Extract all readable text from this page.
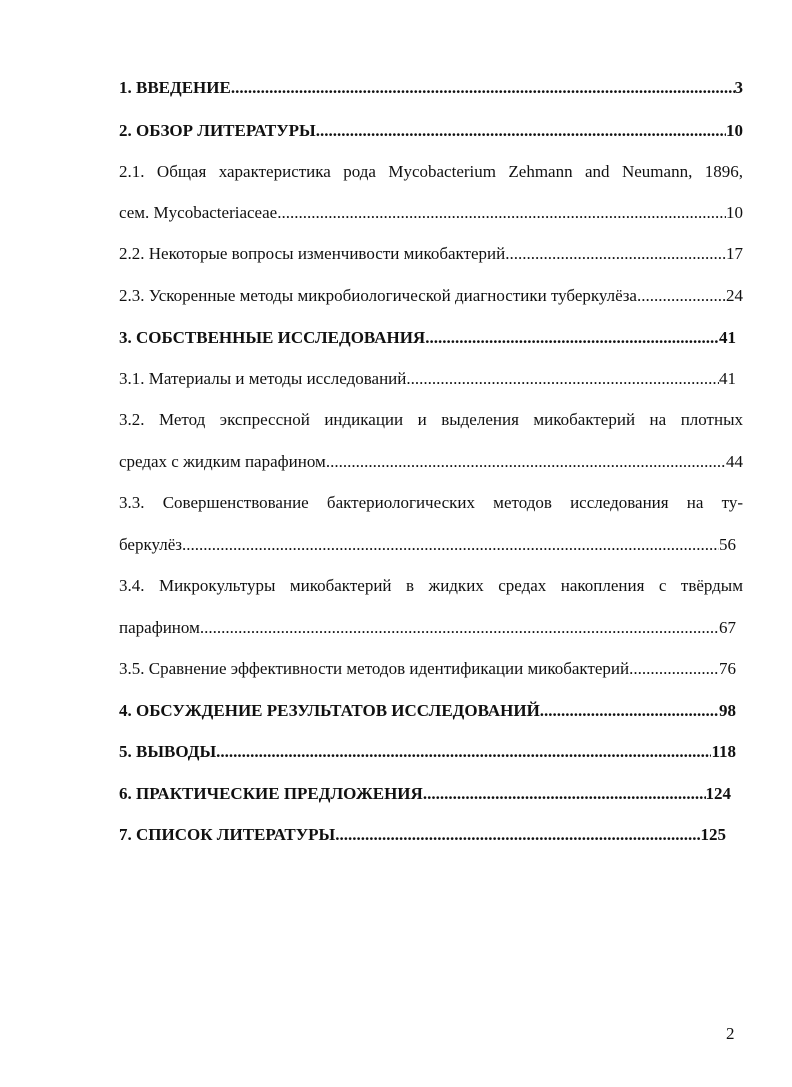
1. ВВЕДЕНИЕ .....	3
2. ОБЗОР ЛИТЕРАТУРЫ .....	10
2.1. Общая характеристика рода Mycobacterium Zehmann and Neumann, 1896,
сем. Mycobacteriaceae .....	10
2.2. Некоторые вопросы изменчивости микобактерий .....	17
2.3. Ускоренные методы микробиологической диагностики туберкулёза .....	24
3. СОБСТВЕННЫЕ ИССЛЕДОВАНИЯ .....	41
3.1. Материалы и методы исследований .....	41
3.2. Метод экспрессной индикации и выделения микобактерий на плотных
средах с жидким парафином .....	44
3.3. Совершенствование бактериологических методов исследования на ту-
беркулёз .....	56
3.4. Микрокультуры микобактерий в жидких средах накопления с твёрдым
парафином .....	67
3.5. Сравнение эффективности методов идентификации микобактерий .....	76
4. ОБСУЖДЕНИЕ РЕЗУЛЬТАТОВ ИССЛЕДОВАНИЙ .....	98
5. ВЫВОДЫ .....	118
6. ПРАКТИЧЕСКИЕ ПРЕДЛОЖЕНИЯ .....	124
7. СПИСОК ЛИТЕРАТУРЫ .....	125
2
